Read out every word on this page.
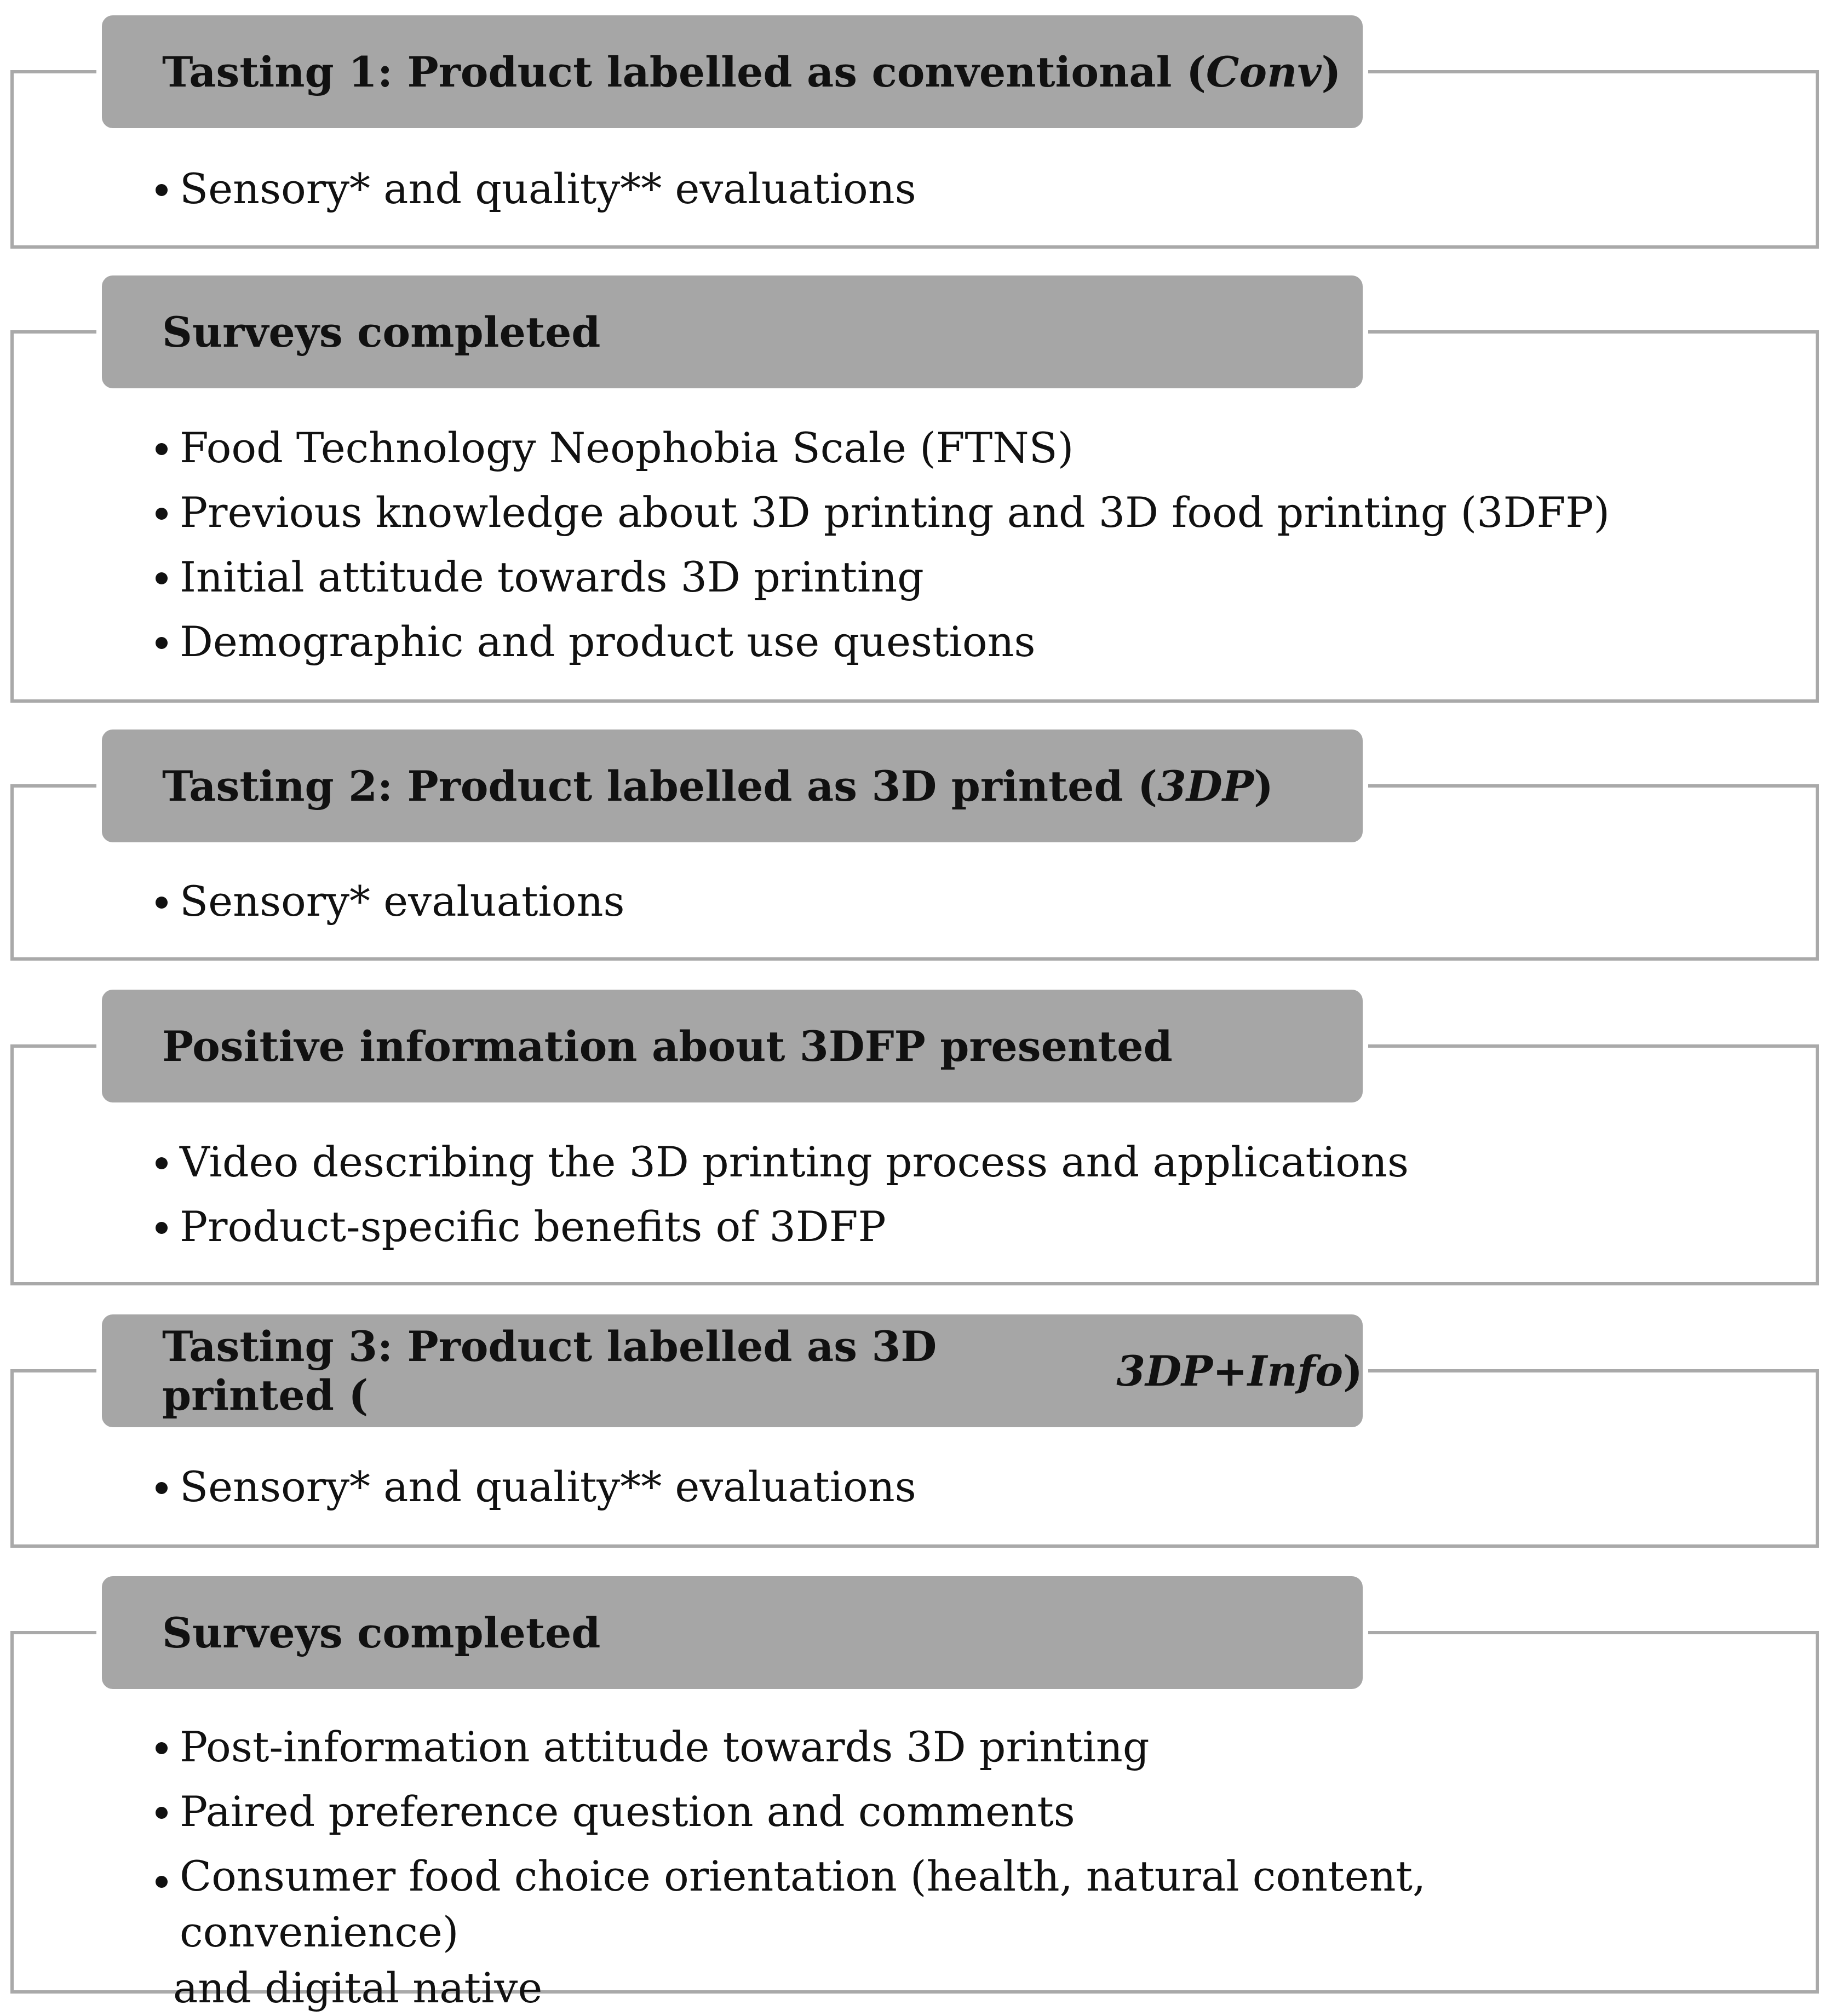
Tasting 1: Product labelled as conventional ( Conv )
Sensory* and quality** evaluations
Surveys completed
Food Technology Neophobia Scale (FTNS)
Previous knowledge about 3D printing and 3D food printing (3DFP)
Initial attitude towards 3D printing
Demographic and product use questions
Tasting 2: Product labelled as 3D printed ( 3DP )
Sensory* evaluations
Positive information about 3DFP presented
Video describing the 3D printing process and applications
Product-specific benefits of 3DFP
Tasting 3: Product labelled as 3D printed (	3DP+Info )
Sensory* and quality** evaluations
Surveys completed
Post-information attitude towards 3D printing
Paired preference question and comments
Consumer food choice orientation (health, natural content, convenience)
and digital native
